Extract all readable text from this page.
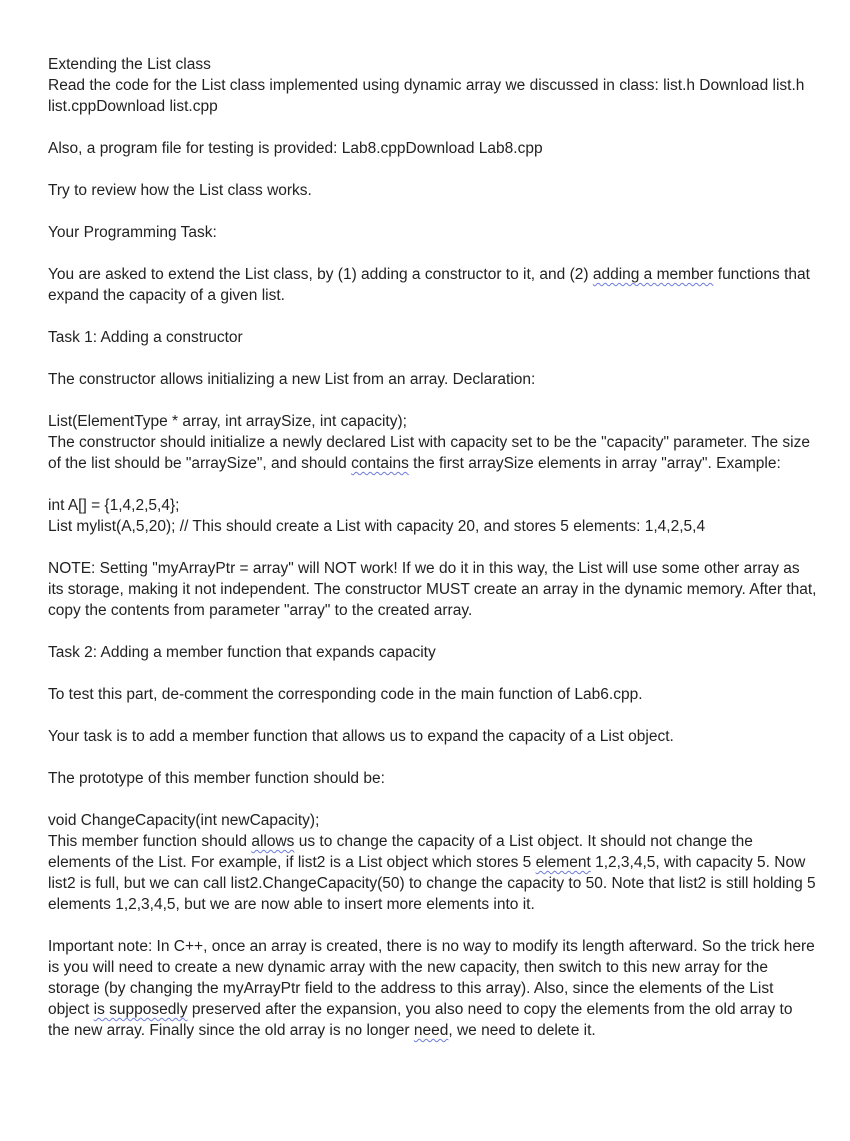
Extending the List class

Read the code for the List class implemented using dynamic array we discussed in class: list.h Download list.h list.cppDownload list.cpp

Also, a program file for testing is provided: Lab8.cppDownload Lab8.cpp

Try to review how the List class works.

Your Programming Task:

You are asked to extend the List class, by (1) adding a constructor to it, and (2) adding a member functions that expand the capacity of a given list.

Task 1: Adding a constructor

The constructor allows initializing a new List from an array. Declaration:

List(ElementType * array, int arraySize, int capacity);

The constructor should initialize a newly declared List with capacity set to be the "capacity" parameter. The size of the list should be "arraySize", and should contains the first arraySize elements in array "array". Example:

int A[] = {1,4,2,5,4};

List mylist(A,5,20); // This should create a List with capacity 20, and stores 5 elements: 1,4,2,5,4

NOTE: Setting "myArrayPtr = array" will NOT work! If we do it in this way, the List will use some other array as its storage, making it not independent. The constructor MUST create an array in the dynamic memory. After that, copy the contents from parameter "array" to the created array.

Task 2: Adding a member function that expands capacity

To test this part, de-comment the corresponding code in the main function of Lab6.cpp.

Your task is to add a member function that allows us to expand the capacity of a List object.

The prototype of this member function should be:

void ChangeCapacity(int newCapacity);

This member function should allows us to change the capacity of a List object. It should not change the elements of the List. For example, if list2 is a List object which stores 5 element 1,2,3,4,5, with capacity 5. Now list2 is full, but we can call list2.ChangeCapacity(50) to change the capacity to 50. Note that list2 is still holding 5 elements 1,2,3,4,5, but we are now able to insert more elements into it.

Important note: In C++, once an array is created, there is no way to modify its length afterward. So the trick here is you will need to create a new dynamic array with the new capacity, then switch to this new array for the storage (by changing the myArrayPtr field to the address to this array). Also, since the elements of the List object is supposedly preserved after the expansion, you also need to copy the elements from the old array to the new array. Finally since the old array is no longer need, we need to delete it.
